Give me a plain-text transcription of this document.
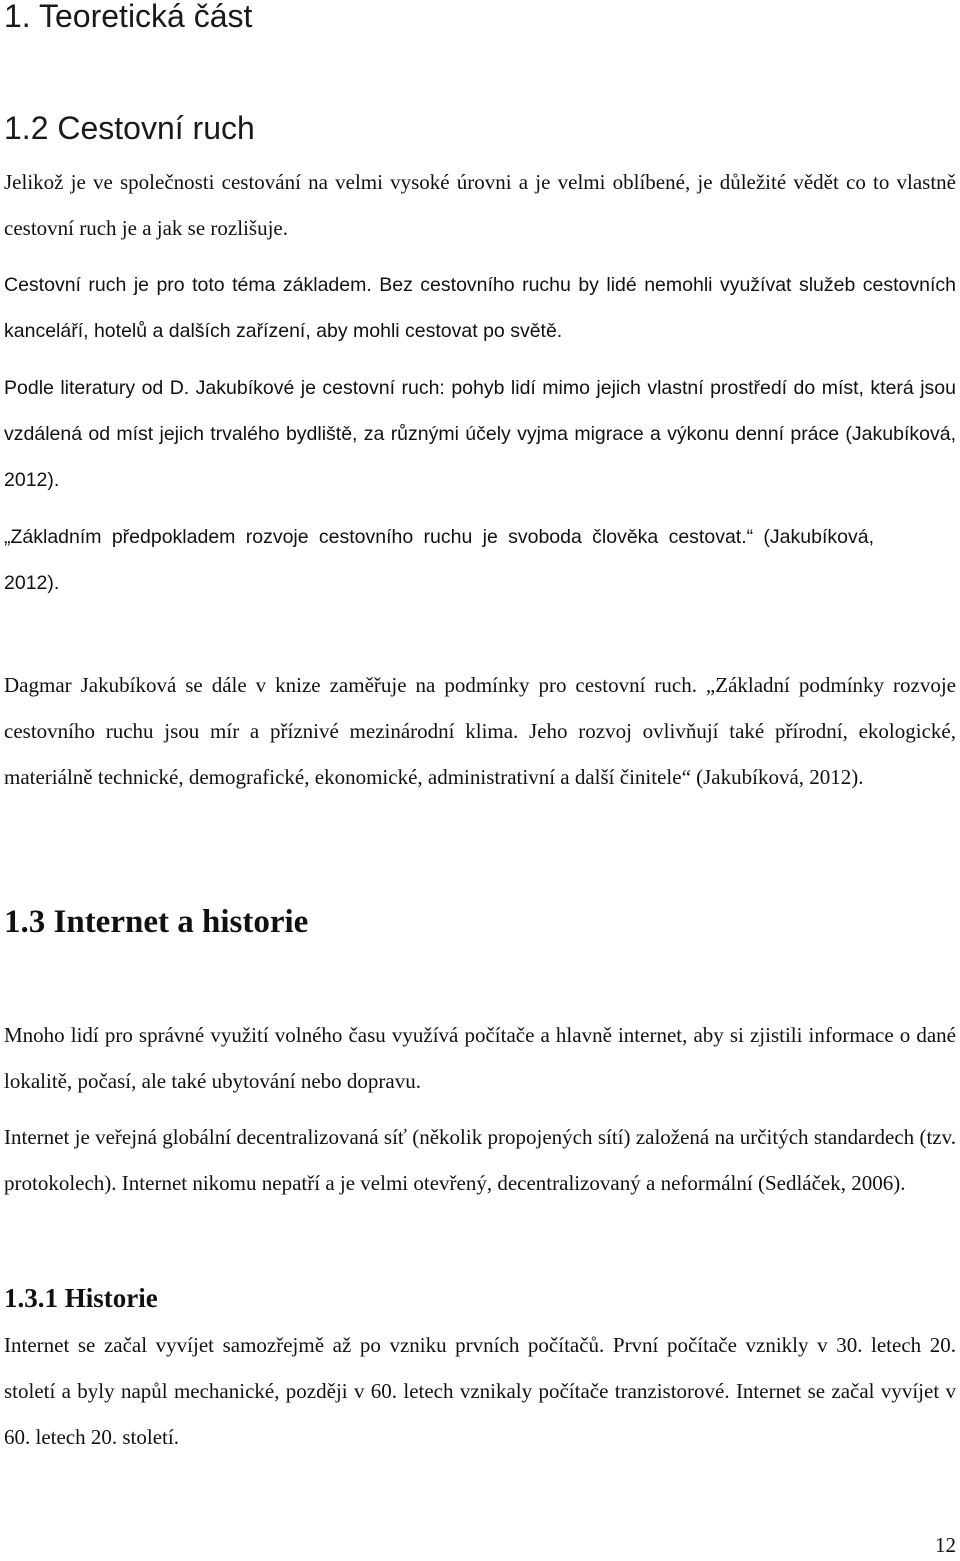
1. Teoretická část
1.2 Cestovní ruch
Jelikož je ve společnosti cestování na velmi vysoké úrovni a je velmi oblíbené, je důležité vědět co to vlastně cestovní ruch je a jak se rozlišuje.
Cestovní ruch je pro toto téma základem. Bez cestovního ruchu by lidé nemohli využívat služeb cestovních kanceláří, hotelů a dalších zařízení, aby mohli cestovat po světě.
Podle literatury od D. Jakubíkové je cestovní ruch: pohyb lidí mimo jejich vlastní prostředí do míst, která jsou vzdálená od míst jejich trvalého bydliště, za různými účely vyjma migrace a výkonu denní práce (Jakubíková, 2012).
„Základním předpokladem rozvoje cestovního ruchu je svoboda člověka cestovat.“ (Jakubíková, 2012).
Dagmar Jakubíková se dále v knize zaměřuje na podmínky pro cestovní ruch. „Základní podmínky rozvoje cestovního ruchu jsou mír a příznivé mezinárodní klima. Jeho rozvoj ovlivňují také přírodní, ekologické, materiálně technické, demografické, ekonomické, administrativní a další činitele“ (Jakubíková, 2012).
1.3 Internet a historie
Mnoho lidí pro správné využití volného času využívá počítače a hlavně internet, aby si zjistili informace o dané lokalitě, počasí, ale také ubytování nebo dopravu.
Internet je veřejná globální decentralizovaná síť (několik propojených sítí) založená na určitých standardech (tzv. protokolech). Internet nikomu nepatří a je velmi otevřený, decentralizovaný a neformální (Sedláček, 2006).
1.3.1 Historie
Internet se začal vyvíjet samozřejmě až po vzniku prvních počítačů. První počítače vznikly v 30. letech 20. století a byly napůl mechanické, později v 60. letech vznikaly počítače tranzistorové. Internet se začal vyvíjet v 60. letech 20. století.
12
